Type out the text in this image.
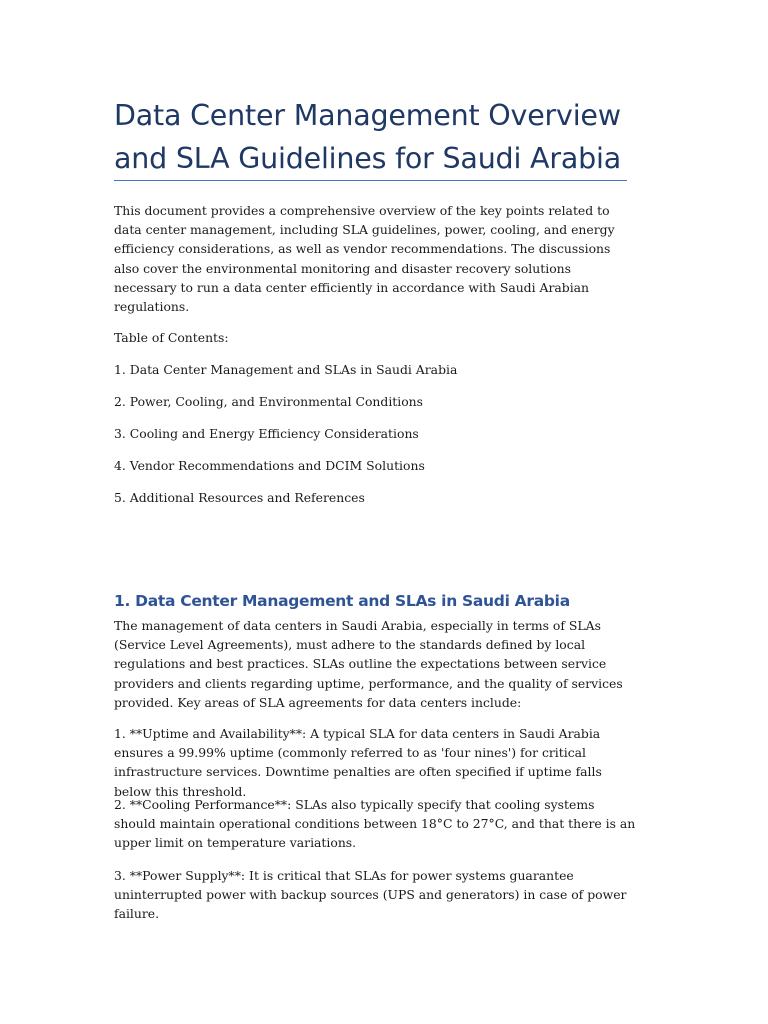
Data Center Management Overview and SLA Guidelines for Saudi Arabia

This document provides a comprehensive overview of the key points related to data center management, including SLA guidelines, power, cooling, and energy efficiency considerations, as well as vendor recommendations. The discussions also cover the environmental monitoring and disaster recovery solutions necessary to run a data center efficiently in accordance with Saudi Arabian regulations.

Table of Contents:

1. Data Center Management and SLAs in Saudi Arabia

2. Power, Cooling, and Environmental Conditions

3. Cooling and Energy Efficiency Considerations

4. Vendor Recommendations and DCIM Solutions

5. Additional Resources and References

1. Data Center Management and SLAs in Saudi Arabia

The management of data centers in Saudi Arabia, especially in terms of SLAs (Service Level Agreements), must adhere to the standards defined by local regulations and best practices. SLAs outline the expectations between service providers and clients regarding uptime, performance, and the quality of services provided. Key areas of SLA agreements for data centers include:

1. **Uptime and Availability**: A typical SLA for data centers in Saudi Arabia ensures a 99.99% uptime (commonly referred to as 'four nines') for critical infrastructure services. Downtime penalties are often specified if uptime falls below this threshold.

2. **Cooling Performance**: SLAs also typically specify that cooling systems should maintain operational conditions between 18°C to 27°C, and that there is an upper limit on temperature variations.

3. **Power Supply**: It is critical that SLAs for power systems guarantee uninterrupted power with backup sources (UPS and generators) in case of power failure.
